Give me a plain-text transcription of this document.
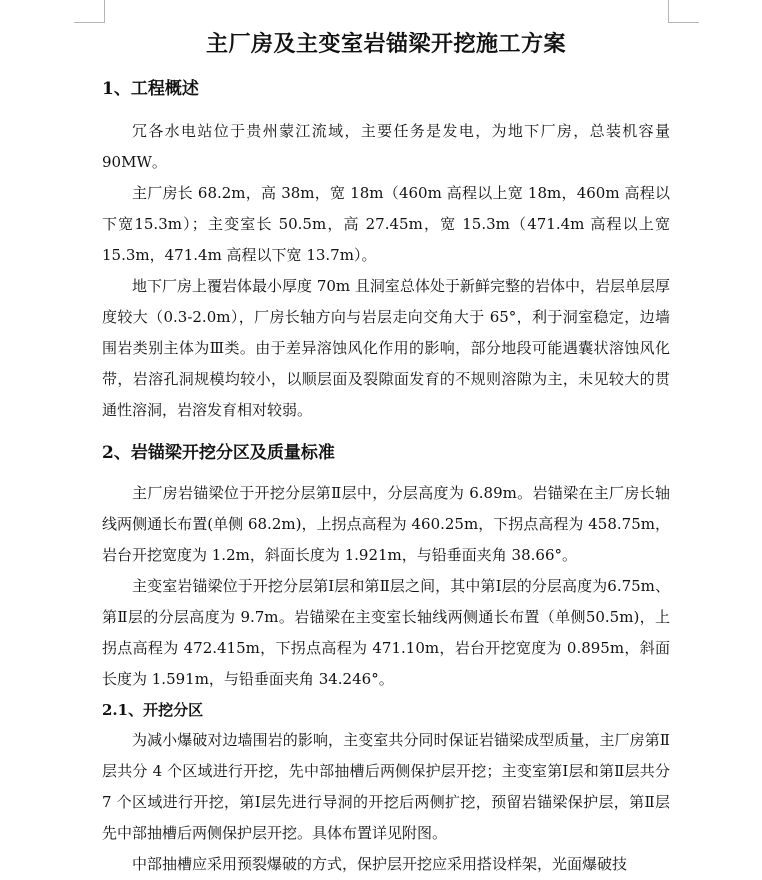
主厂房及主变室岩锚梁开挖施工方案
1、工程概述

冗各水电站位于贵州蒙江流域，主要任务是发电，为地下厂房，总装机容量90MW。

主厂房长 68.2m，高 38m，宽 18m（460m 高程以上宽 18m，460m 高程以下宽15.3m）；主变室长 50.5m，高 27.45m，宽 15.3m（471.4m 高程以上宽 15.3m，471.4m 高程以下宽 13.7m）。

地下厂房上覆岩体最小厚度 70m 且洞室总体处于新鲜完整的岩体中，岩层单层厚度较大（0.3-2.0m），厂房长轴方向与岩层走向交角大于 65°，利于洞室稳定，边墙围岩类别主体为Ⅲ类。由于差异溶蚀风化作用的影响，部分地段可能遇囊状溶蚀风化带，岩溶孔洞规模均较小，以顺层面及裂隙面发育的不规则溶隙为主，未见较大的贯通性溶洞，岩溶发育相对较弱。

2、岩锚梁开挖分区及质量标准

主厂房岩锚梁位于开挖分层第Ⅱ层中，分层高度为 6.89m。岩锚梁在主厂房长轴线两侧通长布置(单侧 68.2m)，上拐点高程为 460.25m，下拐点高程为 458.75m，岩台开挖宽度为 1.2m，斜面长度为 1.921m，与铅垂面夹角 38.66°。

主变室岩锚梁位于开挖分层第Ⅰ层和第Ⅱ层之间，其中第Ⅰ层的分层高度为6.75m、第Ⅱ层的分层高度为 9.7m。岩锚梁在主变室长轴线两侧通长布置（单侧50.5m)，上拐点高程为 472.415m，下拐点高程为 471.10m，岩台开挖宽度为 0.895m，斜面长度为 1.591m，与铅垂面夹角 34.246°。

2.1、开挖分区

为减小爆破对边墙围岩的影响，主变室共分同时保证岩锚梁成型质量，主厂房第Ⅱ层共分 4 个区域进行开挖，先中部抽槽后两侧保护层开挖；主变室第Ⅰ层和第Ⅱ层共分 7 个区域进行开挖，第Ⅰ层先进行导洞的开挖后两侧扩挖，预留岩锚梁保护层，第Ⅱ层先中部抽槽后两侧保护层开挖。具体布置详见附图。

中部抽槽应采用预裂爆破的方式，保护层开挖应采用搭设样架，光面爆破技
